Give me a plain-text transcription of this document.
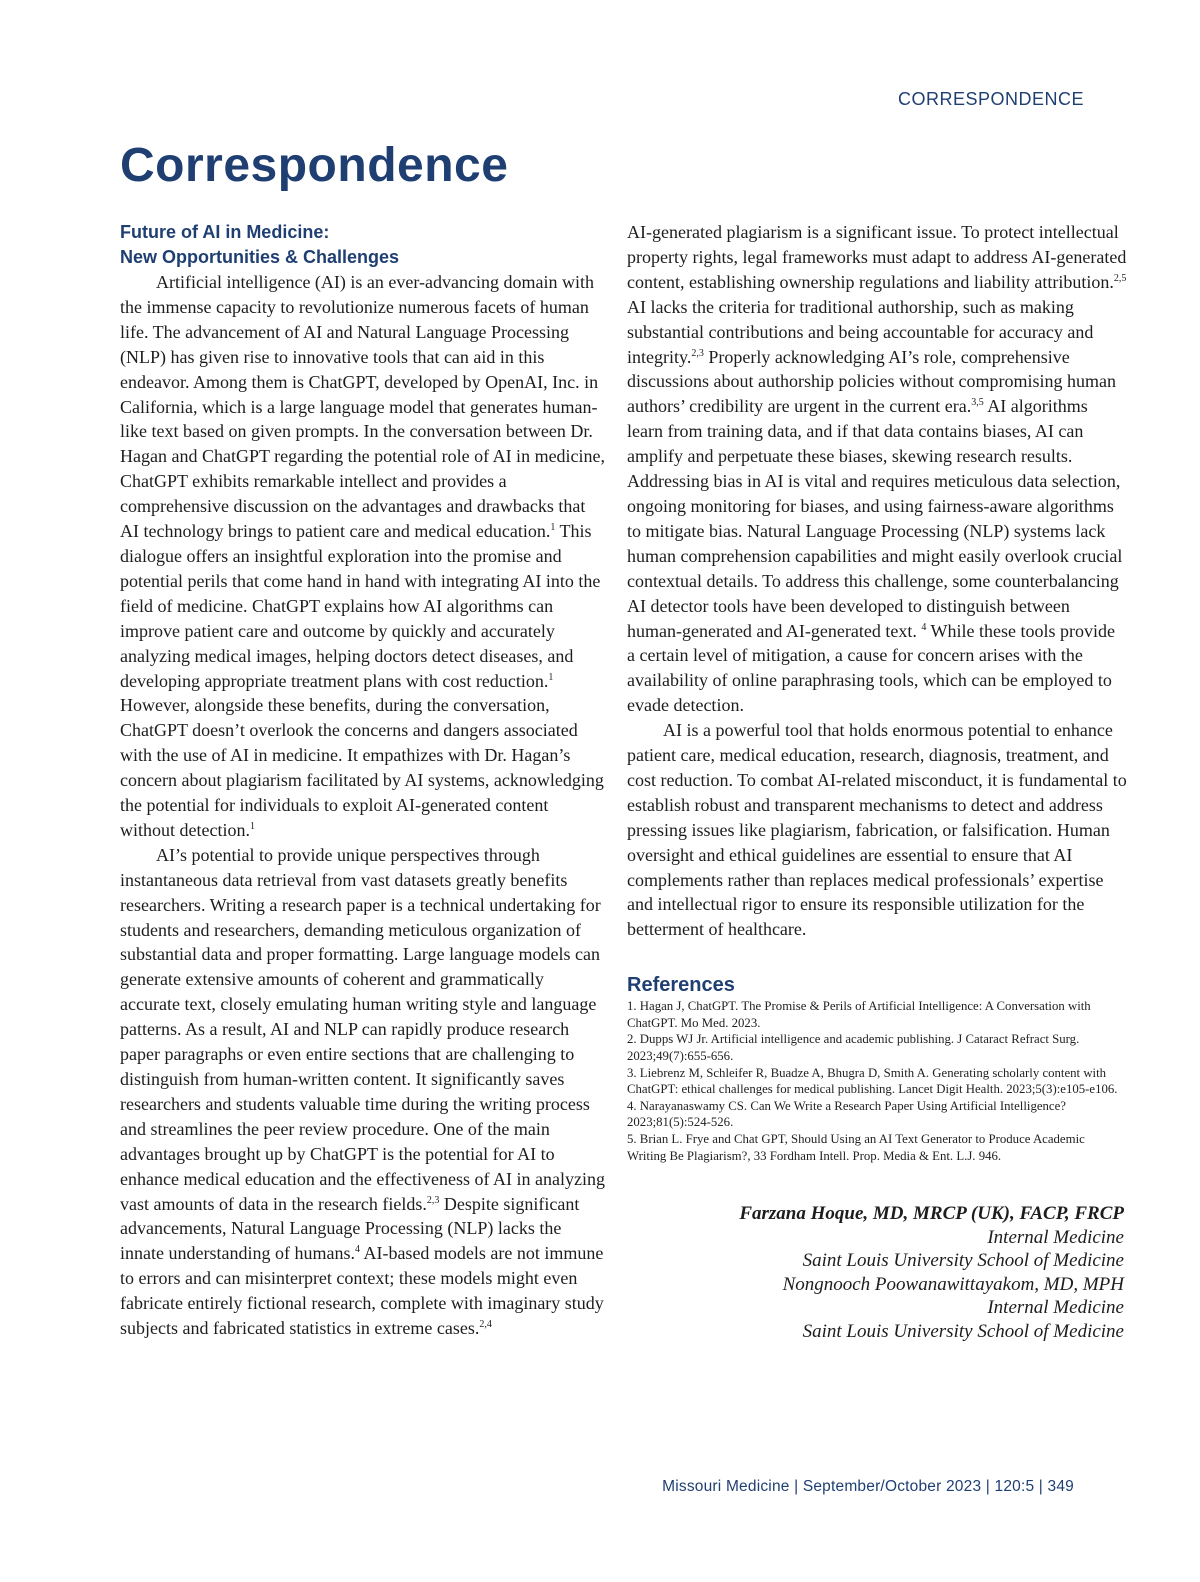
CORRESPONDENCE
Correspondence
Future of AI in Medicine:
New Opportunities & Challenges

Artificial intelligence (AI) is an ever-advancing domain with the immense capacity to revolutionize numerous facets of human life. The advancement of AI and Natural Language Processing (NLP) has given rise to innovative tools that can aid in this endeavor. Among them is ChatGPT, developed by OpenAI, Inc. in California, which is a large language model that generates human-like text based on given prompts. In the conversation between Dr. Hagan and ChatGPT regarding the potential role of AI in medicine, ChatGPT exhibits remarkable intellect and provides a comprehensive discussion on the advantages and drawbacks that AI technology brings to patient care and medical education.$^1$ This dialogue offers an insightful exploration into the promise and potential perils that come hand in hand with integrating AI into the field of medicine. ChatGPT explains how AI algorithms can improve patient care and outcome by quickly and accurately analyzing medical images, helping doctors detect diseases, and developing appropriate treatment plans with cost reduction.$^1$ However, alongside these benefits, during the conversation, ChatGPT doesn’t overlook the concerns and dangers associated with the use of AI in medicine. It empathizes with Dr. Hagan’s concern about plagiarism facilitated by AI systems, acknowledging the potential for individuals to exploit AI-generated content without detection.$^1$

AI’s potential to provide unique perspectives through instantaneous data retrieval from vast datasets greatly benefits researchers. Writing a research paper is a technical undertaking for students and researchers, demanding meticulous organization of substantial data and proper formatting. Large language models can generate extensive amounts of coherent and grammatically accurate text, closely emulating human writing style and language patterns. As a result, AI and NLP can rapidly produce research paper paragraphs or even entire sections that are challenging to distinguish from human-written content. It significantly saves researchers and students valuable time during the writing process and streamlines the peer review procedure. One of the main advantages brought up by ChatGPT is the potential for AI to enhance medical education and the effectiveness of AI in analyzing vast amounts of data in the research fields.$^{2,3}$ Despite significant advancements, Natural Language Processing (NLP) lacks the innate understanding of humans.$^4$ AI-based models are not immune to errors and can misinterpret context; these models might even fabricate entirely fictional research, complete with imaginary study subjects and fabricated statistics in extreme cases.$^{2,4}$

AI-generated plagiarism is a significant issue. To protect intellectual property rights, legal frameworks must adapt to address AI-generated content, establishing ownership regulations and liability attribution.$^{2,5}$ AI lacks the criteria for traditional authorship, such as making substantial contributions and being accountable for accuracy and integrity.$^{2,3}$ Properly acknowledging AI’s role, comprehensive discussions about authorship policies without compromising human authors’ credibility are urgent in the current era.$^{3,5}$ AI algorithms learn from training data, and if that data contains biases, AI can amplify and perpetuate these biases, skewing research results. Addressing bias in AI is vital and requires meticulous data selection, ongoing monitoring for biases, and using fairness-aware algorithms to mitigate bias. Natural Language Processing (NLP) systems lack human comprehension capabilities and might easily overlook crucial contextual details. To address this challenge, some counterbalancing AI detector tools have been developed to distinguish between human-generated and AI-generated text. $^4$ While these tools provide a certain level of mitigation, a cause for concern arises with the availability of online paraphrasing tools, which can be employed to evade detection.

AI is a powerful tool that holds enormous potential to enhance patient care, medical education, research, diagnosis, treatment, and cost reduction. To combat AI-related misconduct, it is fundamental to establish robust and transparent mechanisms to detect and address pressing issues like plagiarism, fabrication, or falsification. Human oversight and ethical guidelines are essential to ensure that AI complements rather than replaces medical professionals’ expertise and intellectual rigor to ensure its responsible utilization for the betterment of healthcare.

References

1. Hagan J, ChatGPT. The Promise & Perils of Artificial Intelligence: A Conversation with ChatGPT. Mo Med. 2023.

2. Dupps WJ Jr. Artificial intelligence and academic publishing. J Cataract Refract Surg. 2023;49(7):655-656.

3. Liebrenz M, Schleifer R, Buadze A, Bhugra D, Smith A. Generating scholarly content with ChatGPT: ethical challenges for medical publishing. Lancet Digit Health. 2023;5(3):e105-e106.

4. Narayanaswamy CS. Can We Write a Research Paper Using Artificial Intelligence? 2023;81(5):524-526.

5. Brian L. Frye and Chat GPT, Should Using an AI Text Generator to Produce Academic Writing Be Plagiarism?, 33 Fordham Intell. Prop. Media & Ent. L.J. 946.

Farzana Hoque, MD, MRCP (UK), FACP, FRCP
Internal Medicine
Saint Louis University School of Medicine
Nongnooch Poowanawittayakom, MD, MPH
Internal Medicine
Saint Louis University School of Medicine
Missouri Medicine | September/October 2023 | 120:5 | 349
